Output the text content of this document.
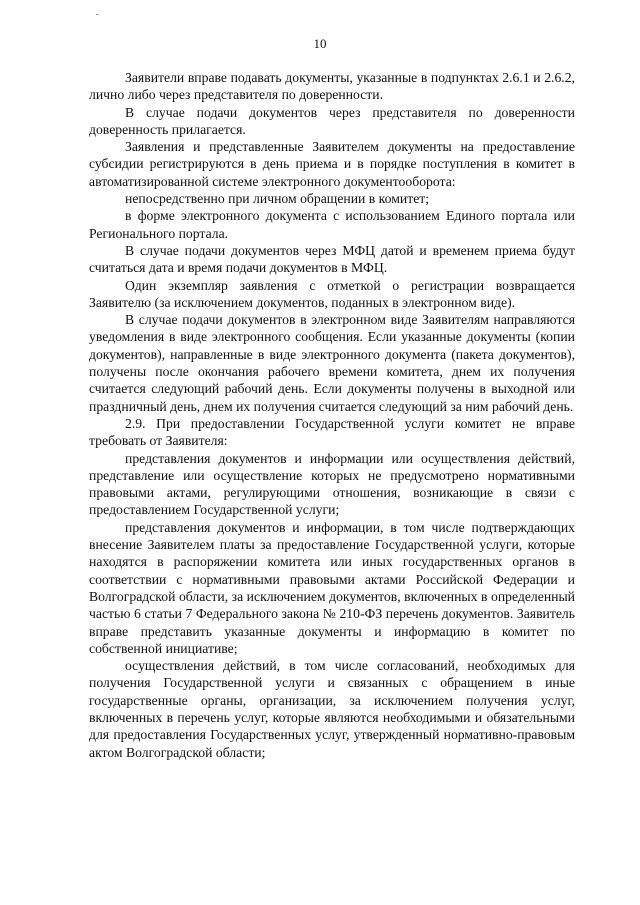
10

Заявители вправе подавать документы, указанные в подпунктах 2.6.1 и 2.6.2, лично либо через представителя по доверенности.

В случае подачи документов через представителя по доверенности доверенность прилагается.

Заявления и представленные Заявителем документы на предоставление субсидии регистрируются в день приема и в порядке поступления в комитет в автоматизированной системе электронного документооборота:

непосредственно при личном обращении в комитет;

в форме электронного документа с использованием Единого портала или Регионального портала.

В случае подачи документов через МФЦ датой и временем приема будут считаться дата и время подачи документов в МФЦ.

Один экземпляр заявления с отметкой о регистрации возвращается Заявителю (за исключением документов, поданных в электронном виде).

В случае подачи документов в электронном виде Заявителям направляются уведомления в виде электронного сообщения. Если указанные документы (копии документов), направленные в виде электронного документа (пакета документов), получены после окончания рабочего времени комитета, днем их получения считается следующий рабочий день. Если документы получены в выходной или праздничный день, днем их получения считается следующий за ним рабочий день.

2.9. При предоставлении Государственной услуги комитет не вправе требовать от Заявителя:

представления документов и информации или осуществления действий, представление или осуществление которых не предусмотрено нормативными правовыми актами, регулирующими отношения, возникающие в связи с предоставлением Государственной услуги;

представления документов и информации, в том числе подтверждающих внесение Заявителем платы за предоставление Государственной услуги, которые находятся в распоряжении комитета или иных государственных органов в соответствии с нормативными правовыми актами Российской Федерации и Волгоградской области, за исключением документов, включенных в определенный частью 6 статьи 7 Федерального закона № 210-ФЗ перечень документов. Заявитель вправе представить указанные документы и информацию в комитет по собственной инициативе;

осуществления действий, в том числе согласований, необходимых для получения Государственной услуги и связанных с обращением в иные государственные органы, организации, за исключением получения услуг, включенных в перечень услуг, которые являются необходимыми и обязательными для предоставления Государственных услуг, утвержденный нормативно-правовым актом Волгоградской области;
